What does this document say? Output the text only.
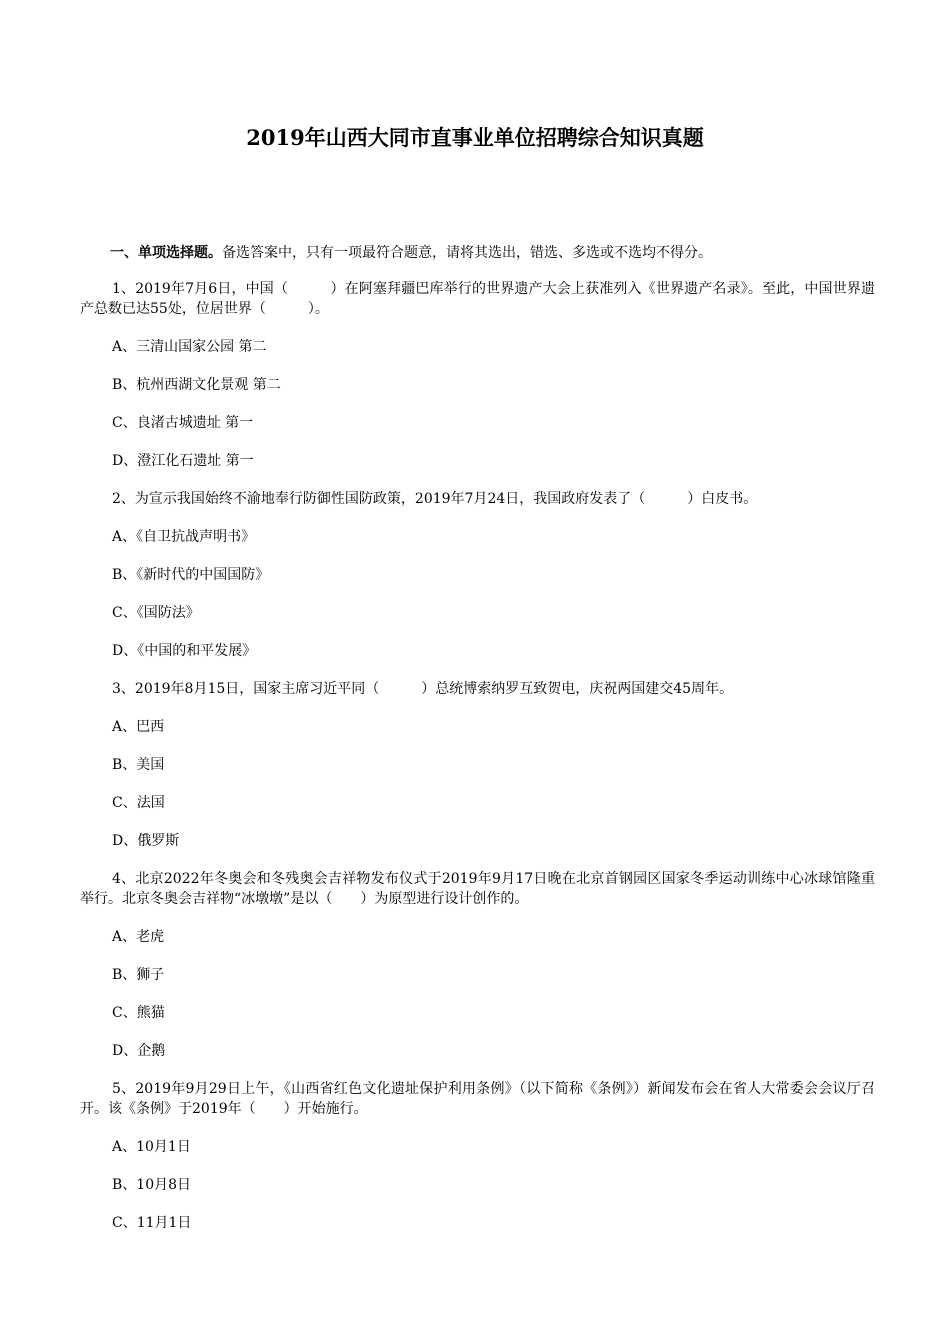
2019年山西大同市直事业单位招聘综合知识真题
一、单项选择题。备选答案中，只有一项最符合题意，请将其选出，错选、多选或不选均不得分。

1、2019年7月6日，中国（　　　）在阿塞拜疆巴库举行的世界遗产大会上获准列入《世界遗产名录》。至此，中国世界遗产总数已达55处，位居世界（　　　）。

A、三清山国家公园 第二
B、杭州西湖文化景观 第二
C、良渚古城遗址 第一
D、澄江化石遗址 第一

2、为宣示我国始终不渝地奉行防御性国防政策，2019年7月24日，我国政府发表了（　　　）白皮书。

A、《自卫抗战声明书》
B、《新时代的中国国防》
C、《国防法》
D、《中国的和平发展》

3、2019年8月15日，国家主席习近平同（　　　）总统博索纳罗互致贺电，庆祝两国建交45周年。

A、巴西
B、美国
C、法国
D、俄罗斯

4、北京2022年冬奥会和冬残奥会吉祥物发布仪式于2019年9月17日晚在北京首钢园区国家冬季运动训练中心冰球馆隆重举行。北京冬奥会吉祥物“冰墩墩”是以（　　）为原型进行设计创作的。

A、老虎
B、狮子
C、熊猫
D、企鹅

5、2019年9月29日上午，《山西省红色文化遗址保护利用条例》（以下简称《条例》）新闻发布会在省人大常委会会议厅召开。该《条例》于2019年（　　）开始施行。

A、10月1日
B、10月8日
C、11月1日
